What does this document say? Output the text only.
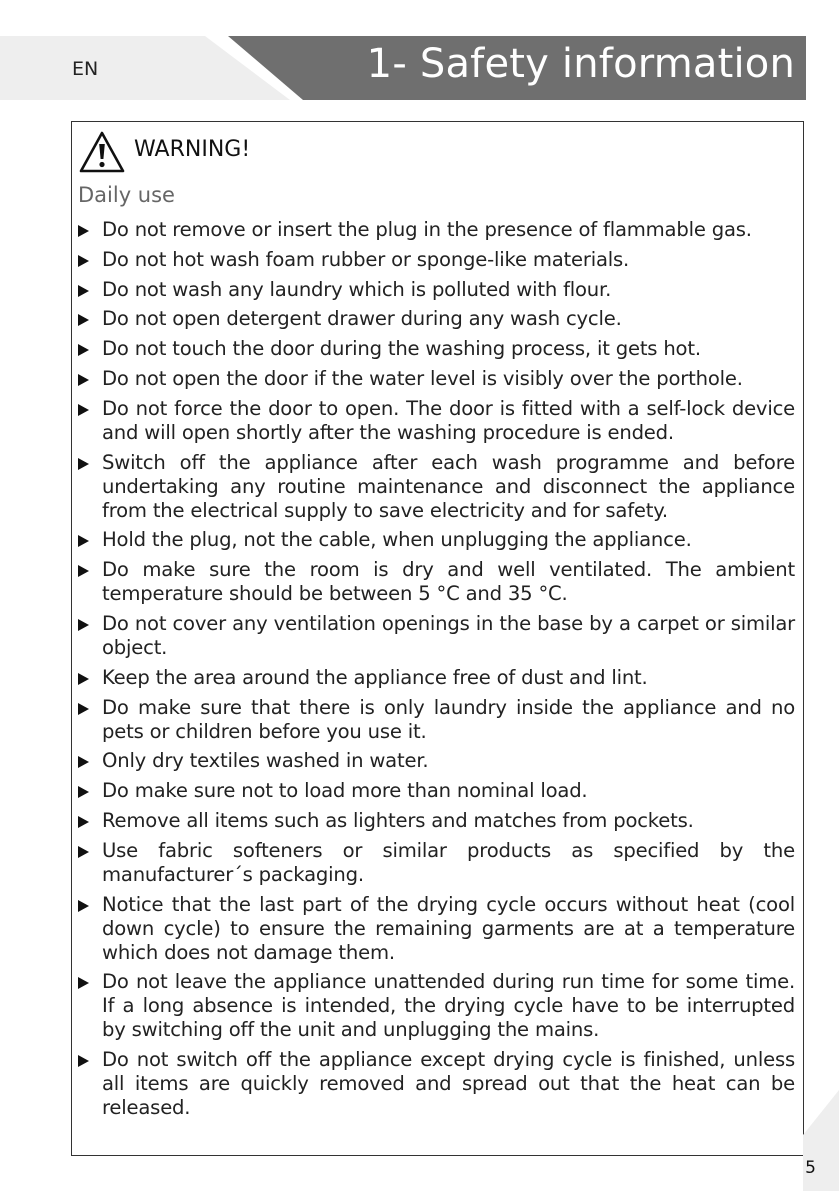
EN	1- Safety information
WARNING!
Daily use
Do not remove or insert the plug in the presence of flammable gas.
Do not hot wash foam rubber or sponge-like materials.
Do not wash any laundry which is polluted with flour.
Do not open detergent drawer during any wash cycle.
Do not touch the door during the washing process, it gets hot.
Do not open the door if the water level is visibly over the porthole.
Do not force the door to open. The door is fitted with a self-lock device and will open shortly after the washing procedure is ended.
Switch off the appliance after each wash programme and before undertaking any routine maintenance and disconnect the appliance from the electrical supply to save electricity and for safety.
Hold the plug, not the cable, when unplugging the appliance.
Do make sure the room is dry and well ventilated. The ambient temperature should be between 5 °C and 35 °C.
Do not cover any ventilation openings in the base by a carpet or similar object.
Keep the area around the appliance free of dust and lint.
Do make sure that there is only laundry inside the appliance and no pets or children before you use it.
Only dry textiles washed in water.
Do make sure not to load more than nominal load.
Remove all items such as lighters and matches from pockets.
Use fabric softeners or similar products as specified by the manufacturer´s packaging.
Notice that the last part of the drying cycle occurs without heat (cool down cycle) to ensure the remaining garments are at a temperature which does not damage them.
Do not leave the appliance unattended during run time for some time. If a long absence is intended, the drying cycle have to be interrupted by switching off the unit and unplugging the mains.
Do not switch off the appliance except drying cycle is finished, unless all items are quickly removed and spread out that the heat can be released.
5
